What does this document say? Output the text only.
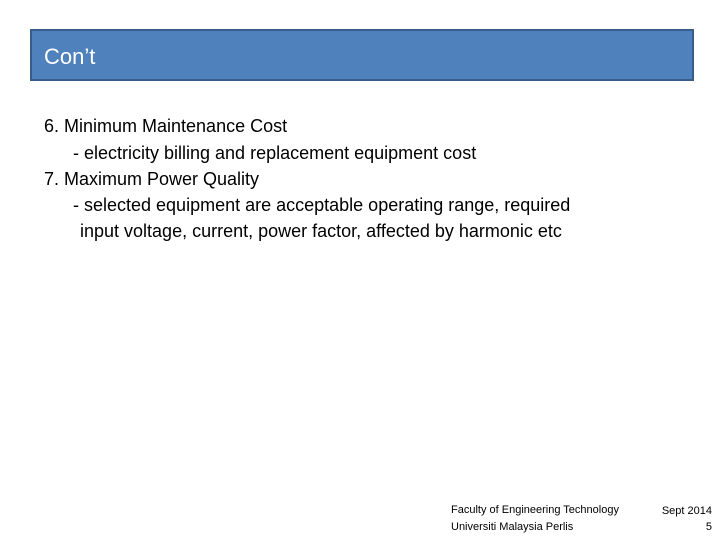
Con’t
6. Minimum Maintenance Cost
- electricity billing and replacement equipment cost
7. Maximum Power Quality
- selected equipment are acceptable operating range, required
input voltage, current, power factor, affected by harmonic etc
Faculty of Engineering Technology
Universiti Malaysia Perlis
Sept 2014
5
